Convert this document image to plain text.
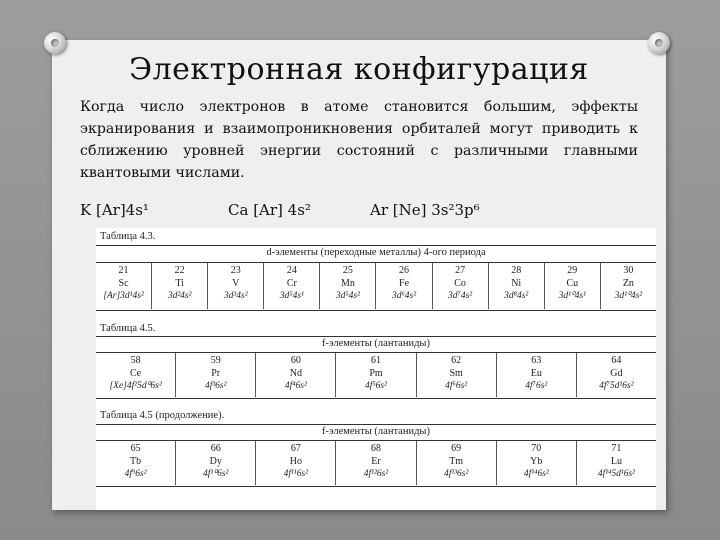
Электронная конфигурация
Когда число электронов в атоме становится большим, эффекты экранирования и взаимопроникновения орбиталей могут приводить к сближению уровней энергии состояний с различными главными квантовыми числами.
K [Ar]4s¹	Ca [Ar] 4s²	Ar [Ne] 3s²3p⁶
Таблица 4.3.
d-элементы (переходные металлы) 4-ого периода
21
Sc
[Ar]3d¹4s²
22
Ti
3d²4s²
23
V
3d³4s²
24
Cr
3d⁵4s¹
25
Mn
3d⁵4s²
26
Fe
3d⁶4s²
27
Co
3d⁷4s²
28
Ni
3d⁸4s²
29
Cu
3d¹⁰4s¹
30
Zn
3d¹⁰4s²
Таблица 4.5.
f-элементы (лантаниды)
58
Ce
[Xe]4f²5d⁰6s²
59
Pr
4f³6s²
60
Nd
4f⁴6s²
61
Pm
4f⁵6s²
62
Sm
4f⁶6s²
63
Eu
4f⁷6s²
64
Gd
4f⁷5d¹6s²
Таблица 4.5 (продолжение).
f-элементы (лантаниды)
65
Tb
4f⁹6s²
66
Dy
4f¹⁰6s²
67
Ho
4f¹¹6s²
68
Er
4f¹²6s²
69
Tm
4f¹³6s²
70
Yb
4f¹⁴6s²
71
Lu
4f¹⁴5d¹6s²
